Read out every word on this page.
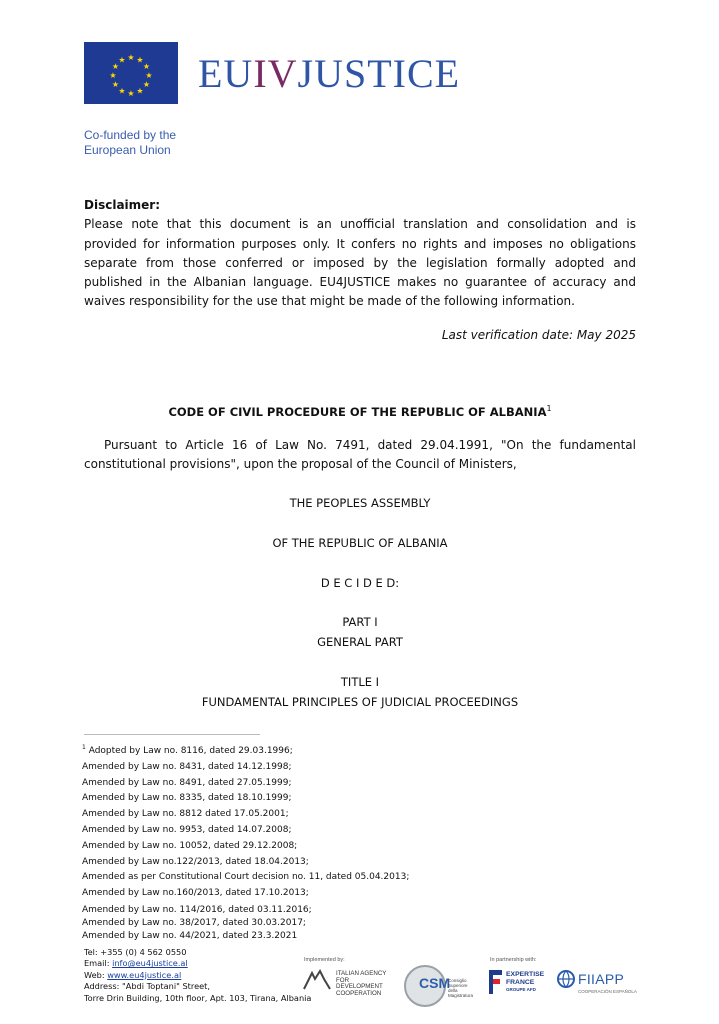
★ ★
★
★
★
★
★
★
★
★
★
★ EUIVJUSTICE
Co-funded by the
European Union
Disclaimer:
Please note that this document is an unofficial translation and consolidation and is provided for information purposes only. It confers no rights and imposes no obligations separate from those conferred or imposed by the legislation formally adopted and published in the Albanian language. EU4JUSTICE makes no guarantee of accuracy and waives responsibility for the use that might be made of the following information.
Last verification date: May 2025
CODE OF CIVIL PROCEDURE OF THE REPUBLIC OF ALBANIA$^1$
Pursuant to Article 16 of Law No. 7491, dated 29.04.1991, "On the fundamental constitutional provisions", upon the proposal of the Council of Ministers,
THE PEOPLES ASSEMBLY
OF THE REPUBLIC OF ALBANIA
D E C I D E D:
PART I
GENERAL PART
TITLE I
FUNDAMENTAL PRINCIPLES OF JUDICIAL PROCEEDINGS
$^1$ Adopted by Law no. 8116, dated 29.03.1996;
Amended by Law no. 8431, dated 14.12.1998;
Amended by Law no. 8491, dated 27.05.1999;
Amended by Law no. 8335, dated 18.10.1999;
Amended by Law no. 8812 dated 17.05.2001;
Amended by Law no. 9953, dated 14.07.2008;
Amended by Law no. 10052, dated 29.12.2008;
Amended by Law no.122/2013, dated 18.04.2013;
Amended as per Constitutional Court decision no. 11, dated 05.04.2013;
Amended by Law no.160/2013, dated 17.10.2013;
Amended by Law no. 114/2016, dated 03.11.2016;
Amended by Law no. 38/2017, dated 30.03.2017;
Amended by Law no. 44/2021, dated 23.3.2021
Tel: +355 (0) 4 562 0550
Email: info@eu4justice.al
Web: www.eu4justice.al
Address: "Abdi Toptani" Street,
Torre Drin Building, 10th floor, Apt. 103, Tirana, Albania
Implemented by:
ITALIAN AGENCY
FOR DEVELOPMENT
COOPERATION
CSM
Consiglio
Superiore
della Magistratura
In partnership with:
EXPERTISE
FRANCE
GROUPE AFD
FIIAPP
COOPERACIÓN ESPAÑOLA
